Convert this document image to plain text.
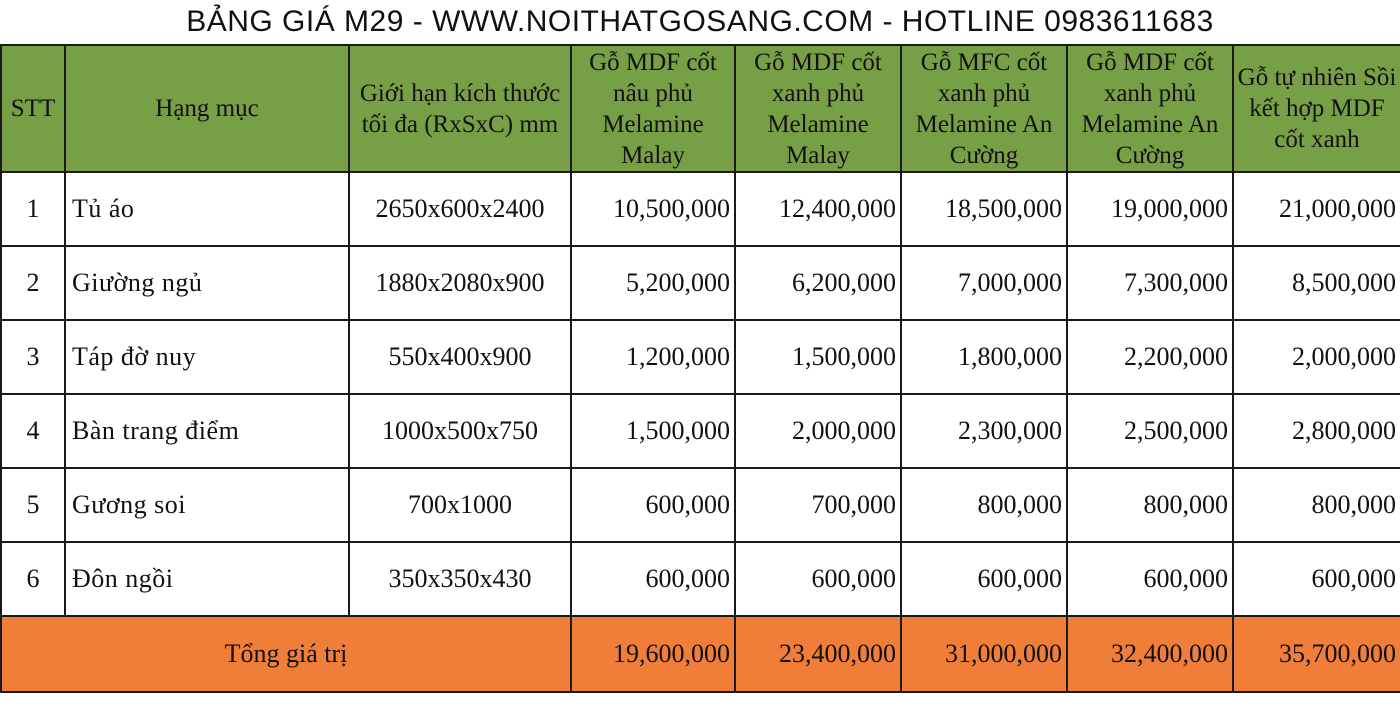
BẢNG GIÁ M29 - WWW.NOITHATGOSANG.COM - HOTLINE 0983611683
STT	Hạng mục	Giới hạn kích thước tối đa (RxSxC) mm	Gỗ MDF cốt nâu phủ Melamine Malay	Gỗ MDF cốt xanh phủ Melamine Malay	Gỗ MFC cốt xanh phủ Melamine An Cường	Gỗ MDF cốt xanh phủ Melamine An Cường	Gỗ tự nhiên Sồi kết hợp MDF cốt xanh
1	Tủ áo	2650x600x2400	10,500,000	12,400,000	18,500,000	19,000,000	21,000,000
2	Giường ngủ	1880x2080x900	5,200,000	6,200,000	7,000,000	7,300,000	8,500,000
3	Táp đờ nuy	550x400x900	1,200,000	1,500,000	1,800,000	2,200,000	2,000,000
4	Bàn trang điểm	1000x500x750	1,500,000	2,000,000	2,300,000	2,500,000	2,800,000
5	Gương soi	700x1000	600,000	700,000	800,000	800,000	800,000
6	Đôn ngồi	350x350x430	600,000	600,000	600,000	600,000	600,000
Tổng giá trị			19,600,000	23,400,000	31,000,000	32,400,000	35,700,000
